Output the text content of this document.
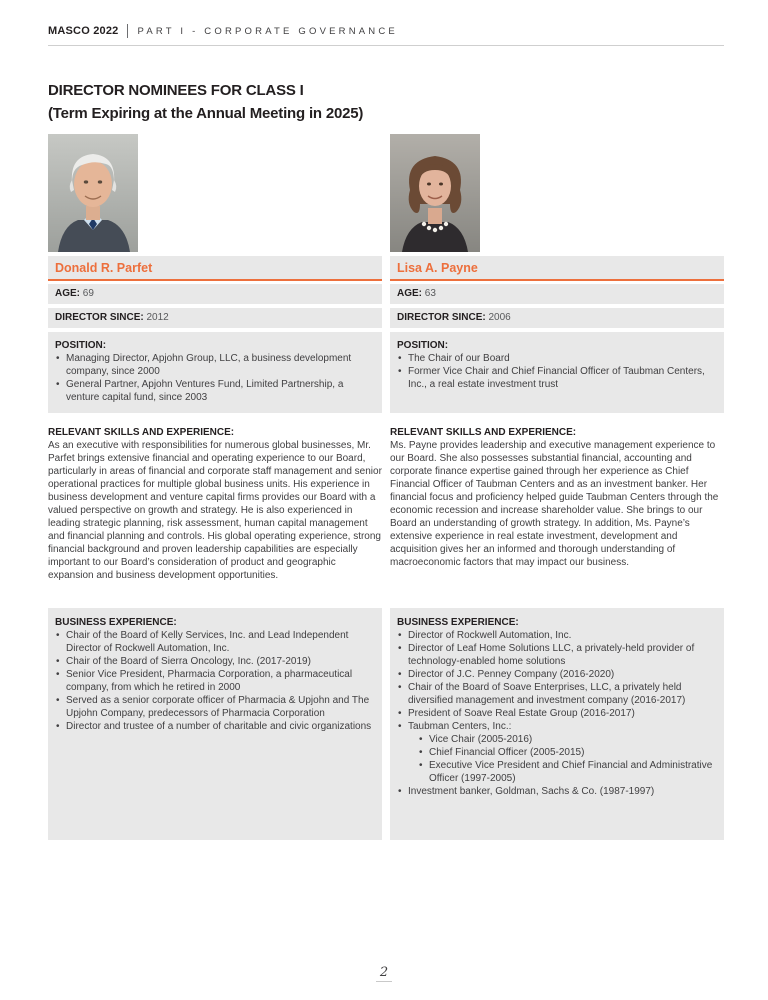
MASCO 2022 PART I - CORPORATE GOVERNANCE
DIRECTOR NOMINEES FOR CLASS I
(Term Expiring at the Annual Meeting in 2025)
Donald R. Parfet	Lisa A. Payne
AGE: 69	AGE: 63
DIRECTOR SINCE: 2012	DIRECTOR SINCE: 2006
POSITION:
• Managing Director, Apjohn Group, LLC, a business development company, since 2000
• General Partner, Apjohn Ventures Fund, Limited Partnership, a venture capital fund, since 2003
POSITION:
• The Chair of our Board
• Former Vice Chair and Chief Financial Officer of Taubman Centers, Inc., a real estate investment trust
RELEVANT SKILLS AND EXPERIENCE:

As an executive with responsibilities for numerous global businesses, Mr. Parfet brings extensive financial and operating experience to our Board, particularly in areas of financial and corporate staff management and senior operational practices for multiple global business units. His experience in business development and venture capital firms provides our Board with a valued perspective on growth and strategy. He is also experienced in leading strategic planning, risk assessment, human capital management and financial planning and controls. His global operating experience, strong financial background and proven leadership capabilities are especially important to our Board’s consideration of product and geographic expansion and business development opportunities.

RELEVANT SKILLS AND EXPERIENCE:

Ms. Payne provides leadership and executive management experience to our Board. She also possesses substantial financial, accounting and corporate finance expertise gained through her experience as Chief Financial Officer of Taubman Centers and as an investment banker. Her financial focus and proficiency helped guide Taubman Centers through the economic recession and increase shareholder value. She brings to our Board an understanding of growth strategy. In addition, Ms. Payne’s extensive experience in real estate investment, development and acquisition gives her an informed and thorough understanding of macroeconomic factors that may impact our business.

BUSINESS EXPERIENCE:
• Chair of the Board of Kelly Services, Inc. and Lead Independent Director of Rockwell Automation, Inc.
• Chair of the Board of Sierra Oncology, Inc. (2017-2019)
• Senior Vice President, Pharmacia Corporation, a pharmaceutical company, from which he retired in 2000
• Served as a senior corporate officer of Pharmacia & Upjohn and The Upjohn Company, predecessors of Pharmacia Corporation
• Director and trustee of a number of charitable and civic organizations
BUSINESS EXPERIENCE:
• Director of Rockwell Automation, Inc.
• Director of Leaf Home Solutions LLC, a privately-held provider of technology-enabled home solutions
• Director of J.C. Penney Company (2016-2020)
• Chair of the Board of Soave Enterprises, LLC, a privately held diversified management and investment company (2016-2017)
• President of Soave Real Estate Group (2016-2017)
• Taubman Centers, Inc.:
• Vice Chair (2005-2016)
• Chief Financial Officer (2005-2015)
• Executive Vice President and Chief Financial and Administrative Officer (1997-2005)
• Investment banker, Goldman, Sachs & Co. (1987-1997)
2
